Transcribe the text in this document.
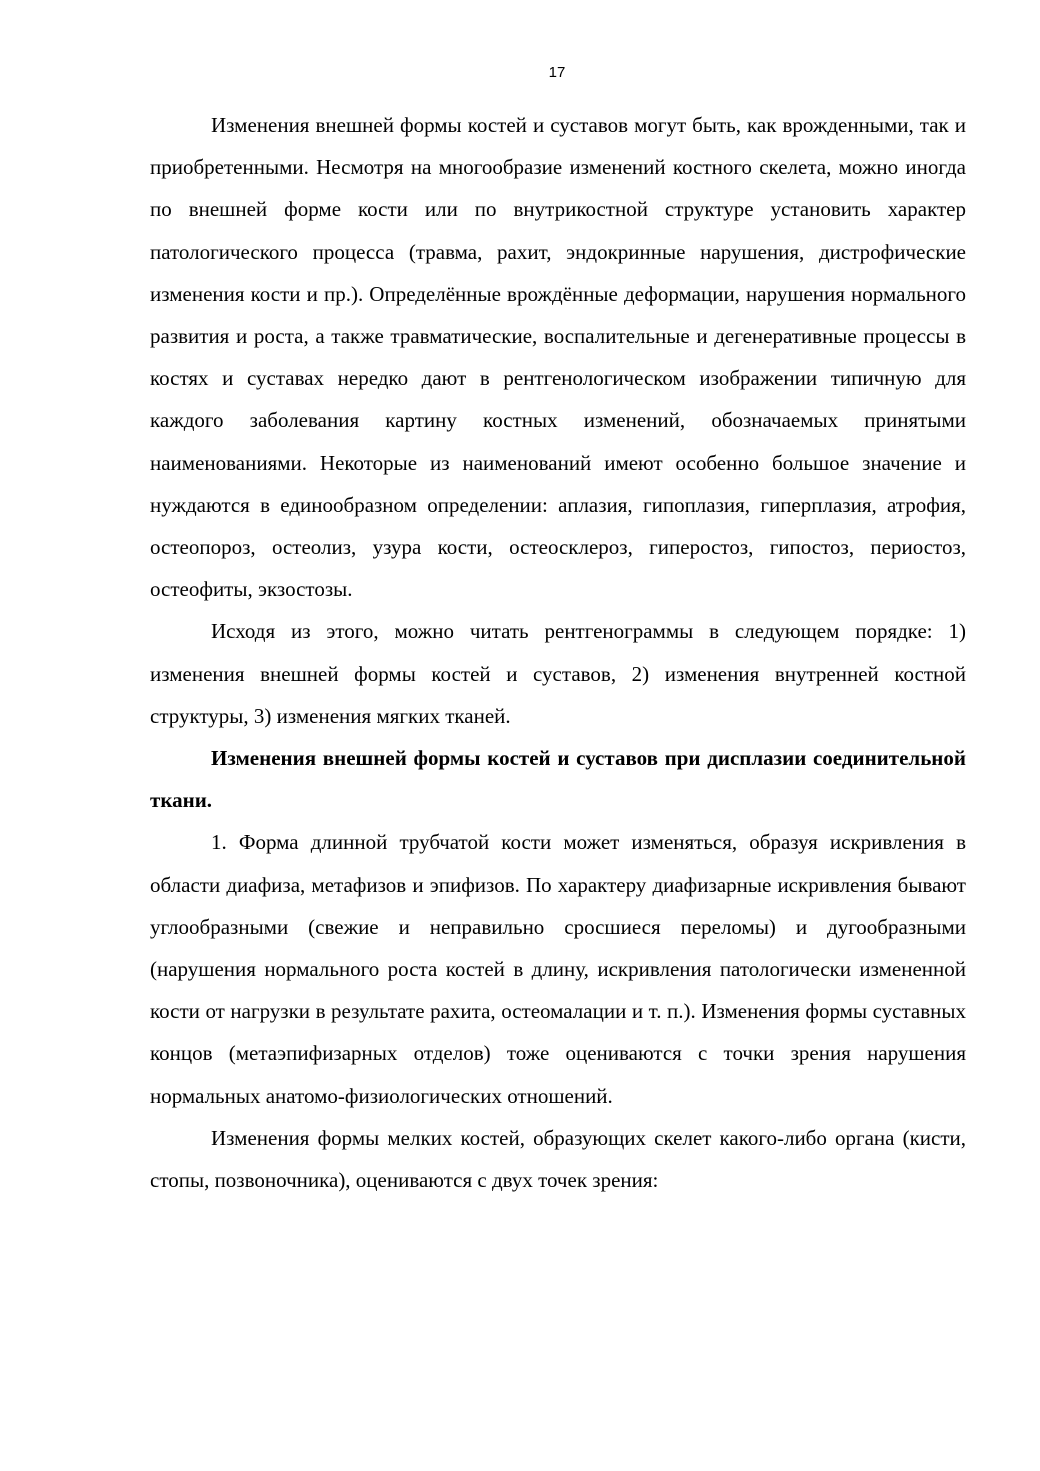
17

Изменения внешней формы костей и суставов могут быть, как врожденными, так и приобретенными. Несмотря на многообразие изменений костного скелета, можно иногда по внешней форме кости или по внутрикостной структуре установить характер патологического процесса (травма, рахит, эндокринные нарушения, дистрофические изменения кости и пр.). Определённые врождённые деформации, нарушения нормального развития и роста, а также травматические, воспалительные и дегенеративные процессы в костях и суставах нередко дают в рентгенологическом изображении типичную для каждого заболевания картину костных изменений, обозначаемых принятыми наименованиями. Некоторые из наименований имеют особенно большое значение и нуждаются в единообразном определении: аплазия, гипоплазия, гиперплазия, атрофия, остеопороз, остеолиз, узура кости, остеосклероз, гиперостоз, гипостоз, периостоз, остеофиты, экзостозы.

Исходя из этого, можно читать рентгенограммы в следующем порядке: 1) изменения внешней формы костей и суставов, 2) изменения внутренней костной структуры, 3) изменения мягких тканей.

Изменения внешней формы костей и суставов при дисплазии соединительной ткани.

1. Форма длинной трубчатой кости может изменяться, образуя искривления в области диафиза, метафизов и эпифизов. По характеру диафизарные искривления бывают углообразными (свежие и неправильно сросшиеся переломы) и дугообразными (нарушения нормального роста костей в длину, искривления патологически измененной кости от нагрузки в результате рахита, остеомалации и т. п.). Изменения формы суставных концов (метаэпифизарных отделов) тоже оцениваются с точки зрения нарушения нормальных анатомо-физиологических отношений.

Изменения формы мелких костей, образующих скелет какого-либо органа (кисти, стопы, позвоночника), оцениваются с двух точек зрения:
